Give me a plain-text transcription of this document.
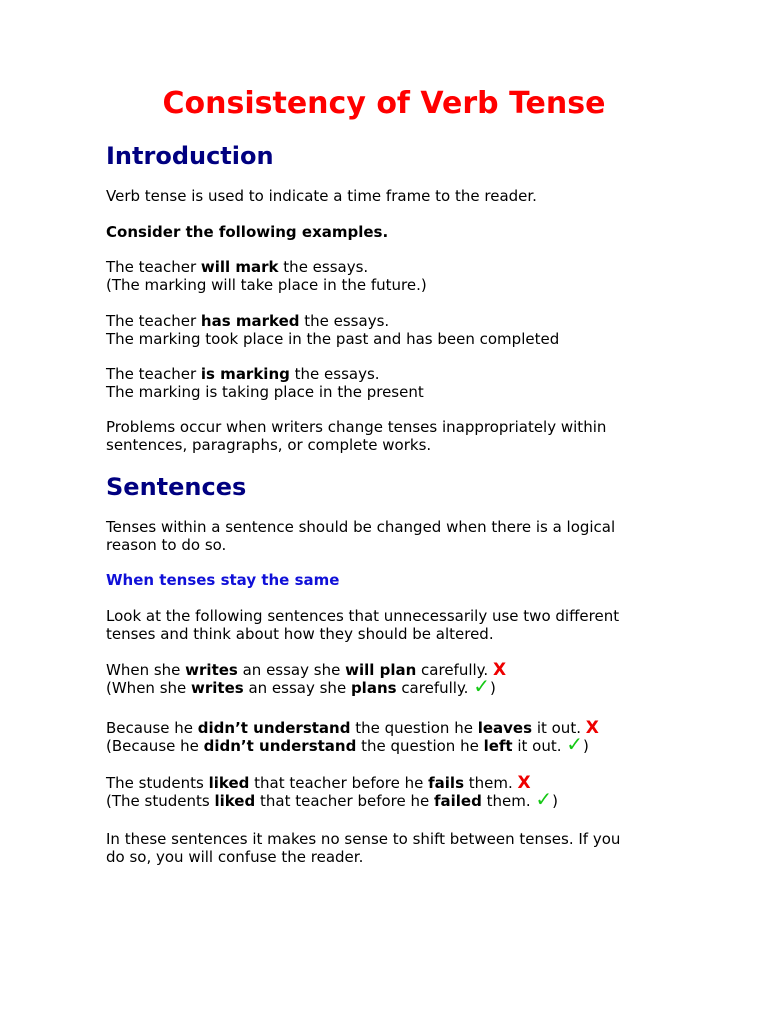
Consistency of Verb Tense
Introduction

Verb tense is used to indicate a time frame to the reader.

Consider the following examples.

The teacher will mark the essays.
(The marking will take place in the future.)

The teacher has marked the essays.
The marking took place in the past and has been completed

The teacher is marking the essays.
The marking is taking place in the present

Problems occur when writers change tenses inappropriately within
sentences, paragraphs, or complete works.

Sentences

Tenses within a sentence should be changed when there is a logical
reason to do so.

When tenses stay the same

Look at the following sentences that unnecessarily use two different
tenses and think about how they should be altered.

When she writes an essay she will plan carefully. X
(When she writes an essay she plans carefully. ✓)

Because he didn’t understand the question he leaves it out. X
(Because he didn’t understand the question he left it out. ✓)

The students liked that teacher before he fails them. X
(The students liked that teacher before he failed them. ✓)

In these sentences it makes no sense to shift between tenses. If you
do so, you will confuse the reader.
